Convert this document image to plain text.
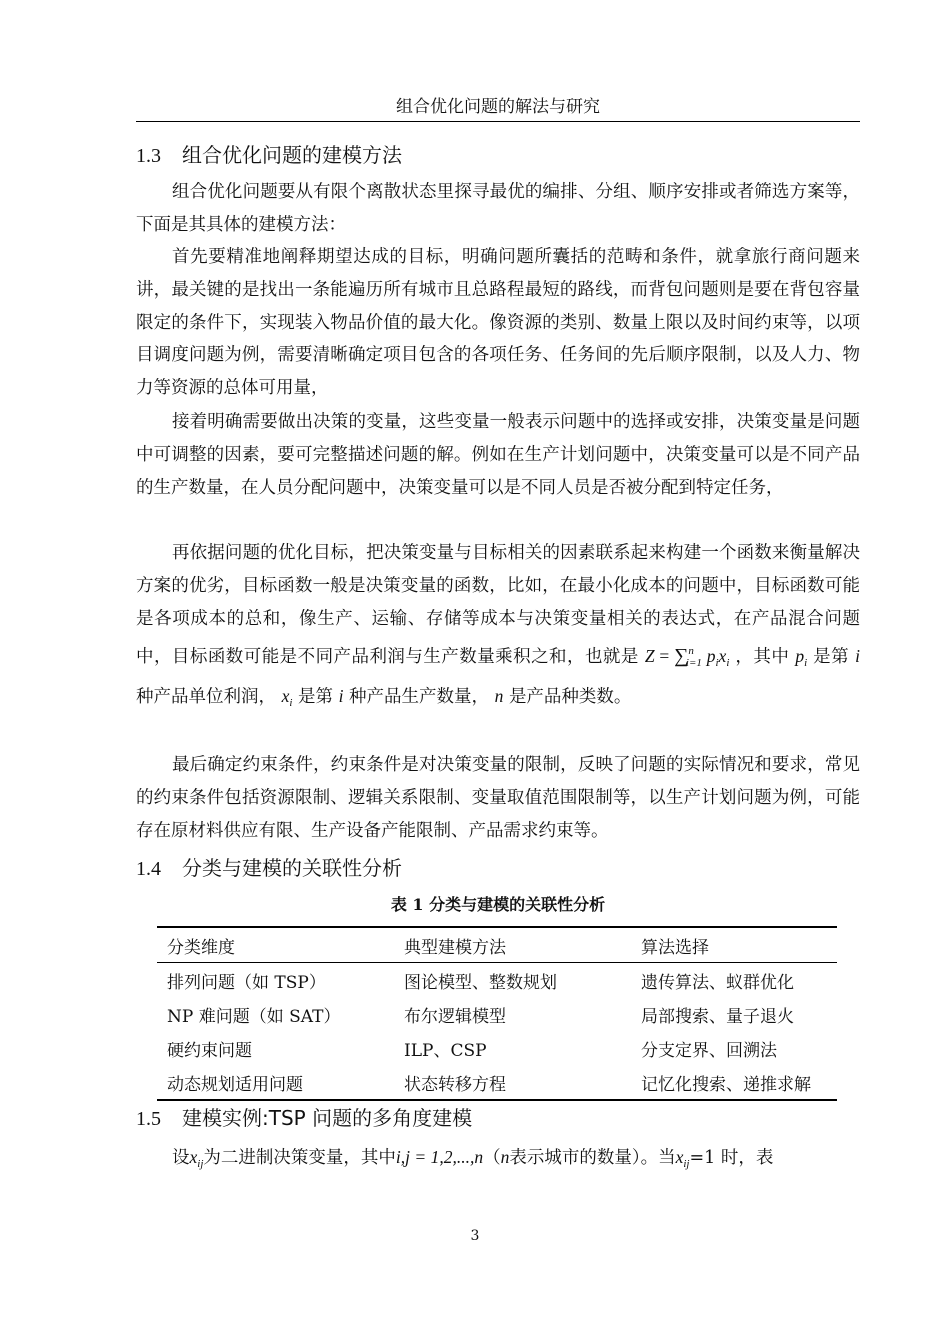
组合优化问题的解法与研究
1.3 组合优化问题的建模方法

组合优化问题要从有限个离散状态里探寻最优的编排、分组、顺序安排或者筛选方案等，下面是其具体的建模方法：

首先要精准地阐释期望达成的目标，明确问题所囊括的范畴和条件，就拿旅行商问题来讲，最关键的是找出一条能遍历所有城市且总路程最短的路线，而背包问题则是要在背包容量限定的条件下，实现装入物品价值的最大化。像资源的类别、数量上限以及时间约束等，以项目调度问题为例，需要清晰确定项目包含的各项任务、任务间的先后顺序限制，以及人力、物力等资源的总体可用量，

接着明确需要做出决策的变量，这些变量一般表示问题中的选择或安排，决策变量是问题中可调整的因素，要可完整描述问题的解。例如在生产计划问题中，决策变量可以是不同产品的生产数量，在人员分配问题中，决策变量可以是不同人员是否被分配到特定任务，

再依据问题的优化目标，把决策变量与目标相关的因素联系起来构建一个函数来衡量解决方案的优劣，目标函数一般是决策变量的函数，比如，在最小化成本的问题中，目标函数可能是各项成本的总和，像生产、运输、存储等成本与决策变量相关的表达式，在产品混合问题中，目标函数可能是不同产品利润与生产数量乘积之和，也就是 Z = ∑$^n_{i=1}$ $p_ix_i$ ，其中 $p_i$ 是第 i 种产品单位利润， $x_i$ 是第 i 种产品生产数量， n 是产品种类数。

最后确定约束条件，约束条件是对决策变量的限制，反映了问题的实际情况和要求，常见的约束条件包括资源限制、逻辑关系限制、变量取值范围限制等，以生产计划问题为例，可能存在原材料供应有限、生产设备产能限制、产品需求约束等。

1.4 分类与建模的关联性分析
表 1 分类与建模的关联性分析
分类维度	典型建模方法	算法选择
排列问题（如 TSP）	图论模型、整数规划	遗传算法、蚁群优化
NP 难问题（如 SAT）	布尔逻辑模型	局部搜索、量子退火
硬约束问题	ILP、CSP	分支定界、回溯法
动态规划适用问题	状态转移方程	记忆化搜索、递推求解
1.5 建模实例:TSP 问题的多角度建模

设$x_{ij}$为二进制决策变量，其中i,j = 1,2,...,n（n表示城市的数量）。当$x_{ij}=1$ 时，表

3
